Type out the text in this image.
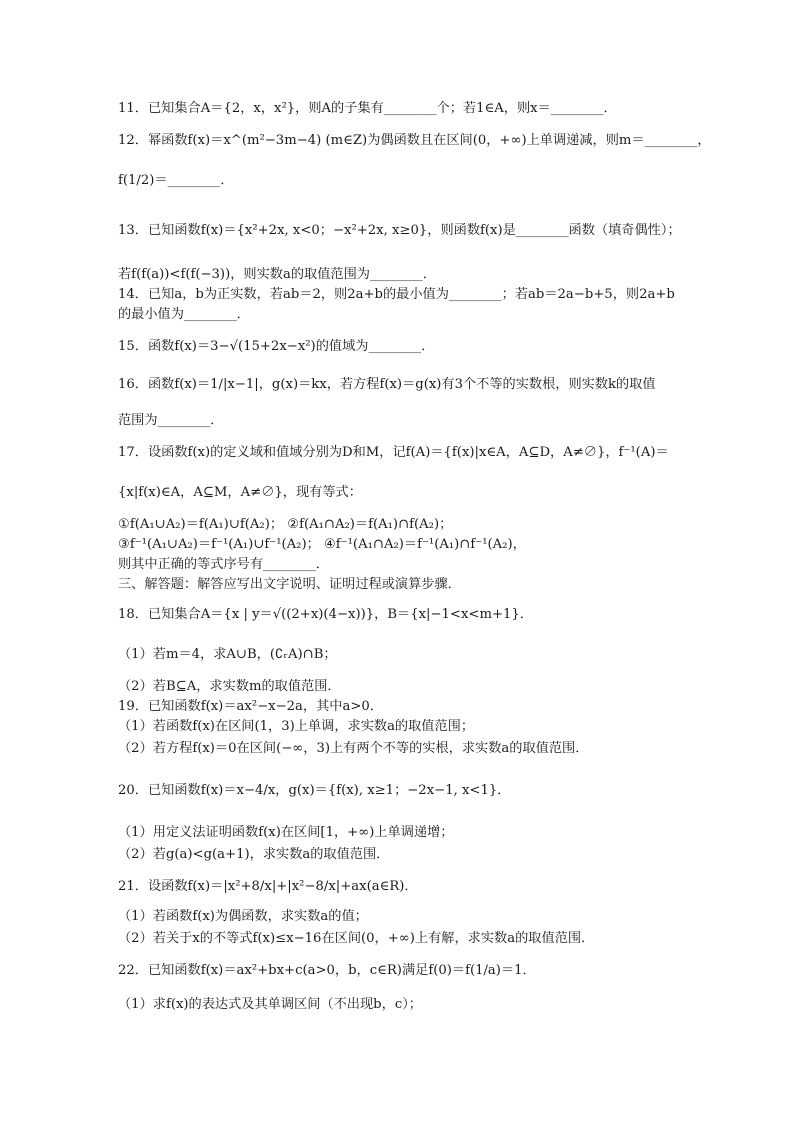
11．已知集合A＝{2，x，x²}，则A的子集有________个；若1∈A，则x＝________．
12．幂函数f(x)＝x^(m²−3m−4) (m∈Z)为偶函数且在区间(0，+∞)上单调递减，则m＝________，
f(1/2)＝________．
13．已知函数f(x)＝{x²+2x, x<0；−x²+2x, x≥0}，则函数f(x)是________函数（填奇偶性）；
若f(f(a))<f(f(−3))，则实数a的取值范围为________．
14．已知a，b为正实数，若ab＝2，则2a+b的最小值为________；若ab＝2a−b+5，则2a+b
的最小值为________．
15．函数f(x)＝3−√(15+2x−x²)的值域为________．
16．函数f(x)＝1/|x−1|，g(x)＝kx，若方程f(x)＝g(x)有3个不等的实数根，则实数k的取值
范围为________．
17．设函数f(x)的定义域和值域分别为D和M，记f(A)＝{f(x)|x∈A，A⊆D，A≠∅}，f⁻¹(A)＝
{x|f(x)∈A，A⊆M，A≠∅}，现有等式：
①f(A₁∪A₂)＝f(A₁)∪f(A₂)； ②f(A₁∩A₂)＝f(A₁)∩f(A₂)；
③f⁻¹(A₁∪A₂)＝f⁻¹(A₁)∪f⁻¹(A₂)； ④f⁻¹(A₁∩A₂)＝f⁻¹(A₁)∩f⁻¹(A₂)，
则其中正确的等式序号有________．
三、解答题：解答应写出文字说明、证明过程或演算步骤．
18．已知集合A＝{x | y＝√((2+x)(4−x))}，B＝{x|−1<x<m+1}．
（1）若m＝4，求A∪B，(∁ᵣA)∩B；
（2）若B⊆A，求实数m的取值范围．
19．已知函数f(x)＝ax²−x−2a，其中a>0．
（1）若函数f(x)在区间(1，3)上单调，求实数a的取值范围；
（2）若方程f(x)＝0在区间(−∞，3)上有两个不等的实根，求实数a的取值范围．
20．已知函数f(x)＝x−4/x，g(x)＝{f(x), x≥1；−2x−1, x<1}．
（1）用定义法证明函数f(x)在区间[1，+∞)上单调递增；
（2）若g(a)<g(a+1)，求实数a的取值范围．
21．设函数f(x)＝|x²+8/x|+|x²−8/x|+ax(a∈R)．
（1）若函数f(x)为偶函数，求实数a的值；
（2）若关于x的不等式f(x)≤x−16在区间(0，+∞)上有解，求实数a的取值范围．
22．已知函数f(x)＝ax²+bx+c(a>0，b，c∈R)满足f(0)＝f(1/a)＝1．
（1）求f(x)的表达式及其单调区间（不出现b，c）；
